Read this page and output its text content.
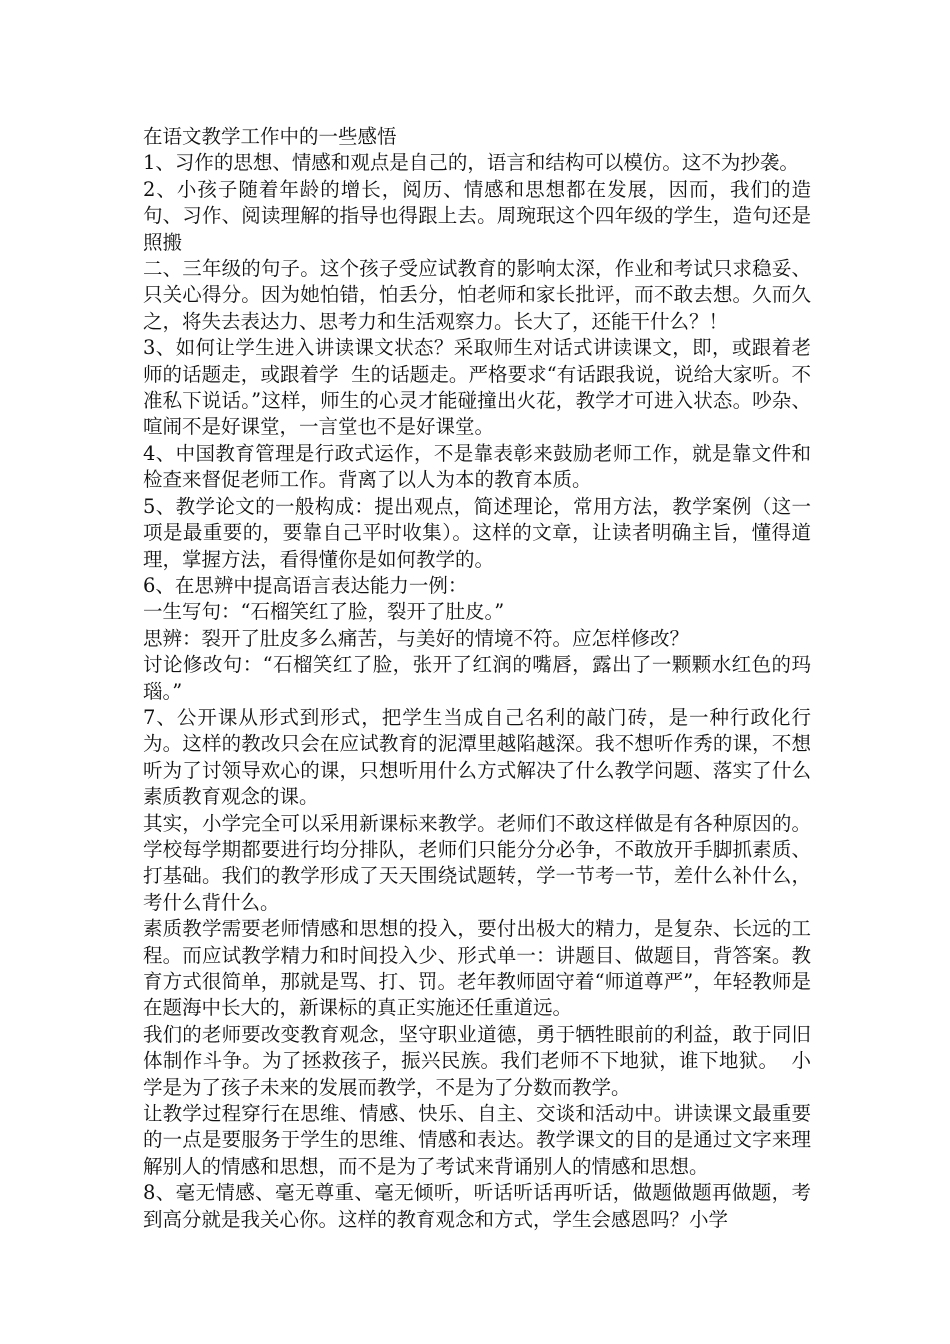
在语文教学工作中的一些感悟

1、习作的思想、情感和观点是自己的，语言和结构可以模仿。这不为抄袭。

2、小孩子随着年龄的增长，阅历、情感和思想都在发展，因而，我们的造句、习作、阅读理解的指导也得跟上去。周琬珉这个四年级的学生，造句还是照搬

二、三年级的句子。这个孩子受应试教育的影响太深，作业和考试只求稳妥、只关心得分。因为她怕错，怕丢分，怕老师和家长批评，而不敢去想。久而久之，将失去表达力、思考力和生活观察力。长大了，还能干什么？！

3、如何让学生进入讲读课文状态？采取师生对话式讲读课文，即，或跟着老师的话题走，或跟着学  生的话题走。严格要求“有话跟我说，说给大家听。不准私下说话。”这样，师生的心灵才能碰撞出火花，教学才可进入状态。吵杂、喧闹不是好课堂，一言堂也不是好课堂。

4、中国教育管理是行政式运作，不是靠表彰来鼓励老师工作，就是靠文件和检查来督促老师工作。背离了以人为本的教育本质。

5、教学论文的一般构成：提出观点，简述理论，常用方法，教学案例（这一项是最重要的，要靠自己平时收集）。这样的文章，让读者明确主旨，懂得道理，掌握方法，看得懂你是如何教学的。

6、在思辨中提高语言表达能力一例：

一生写句：“石榴笑红了脸，裂开了肚皮。”

思辨：裂开了肚皮多么痛苦，与美好的情境不符。应怎样修改？

讨论修改句：“石榴笑红了脸，张开了红润的嘴唇，露出了一颗颗水红色的玛瑙。”

7、公开课从形式到形式，把学生当成自己名利的敲门砖，是一种行政化行为。这样的教改只会在应试教育的泥潭里越陷越深。我不想听作秀的课，不想听为了讨领导欢心的课，只想听用什么方式解决了什么教学问题、落实了什么素质教育观念的课。

其实，小学完全可以采用新课标来教学。老师们不敢这样做是有各种原因的。学校每学期都要进行均分排队，老师们只能分分必争，不敢放开手脚抓素质、打基础。我们的教学形成了天天围绕试题转，学一节考一节，差什么补什么，考什么背什么。

素质教学需要老师情感和思想的投入，要付出极大的精力，是复杂、长远的工程。而应试教学精力和时间投入少、形式单一：讲题目、做题目，背答案。教育方式很简单，那就是骂、打、罚。老年教师固守着“师道尊严”，年轻教师是在题海中长大的，新课标的真正实施还任重道远。

我们的老师要改变教育观念，坚守职业道德，勇于牺牲眼前的利益，敢于同旧体制作斗争。为了拯救孩子，振兴民族。我们老师不下地狱，谁下地狱。  小学是为了孩子未来的发展而教学，不是为了分数而教学。

让教学过程穿行在思维、情感、快乐、自主、交谈和活动中。讲读课文最重要的一点是要服务于学生的思维、情感和表达。教学课文的目的是通过文字来理解别人的情感和思想，而不是为了考试来背诵别人的情感和思想。

8、毫无情感、毫无尊重、毫无倾听，听话听话再听话，做题做题再做题，考到高分就是我关心你。这样的教育观念和方式，学生会感恩吗？小学
